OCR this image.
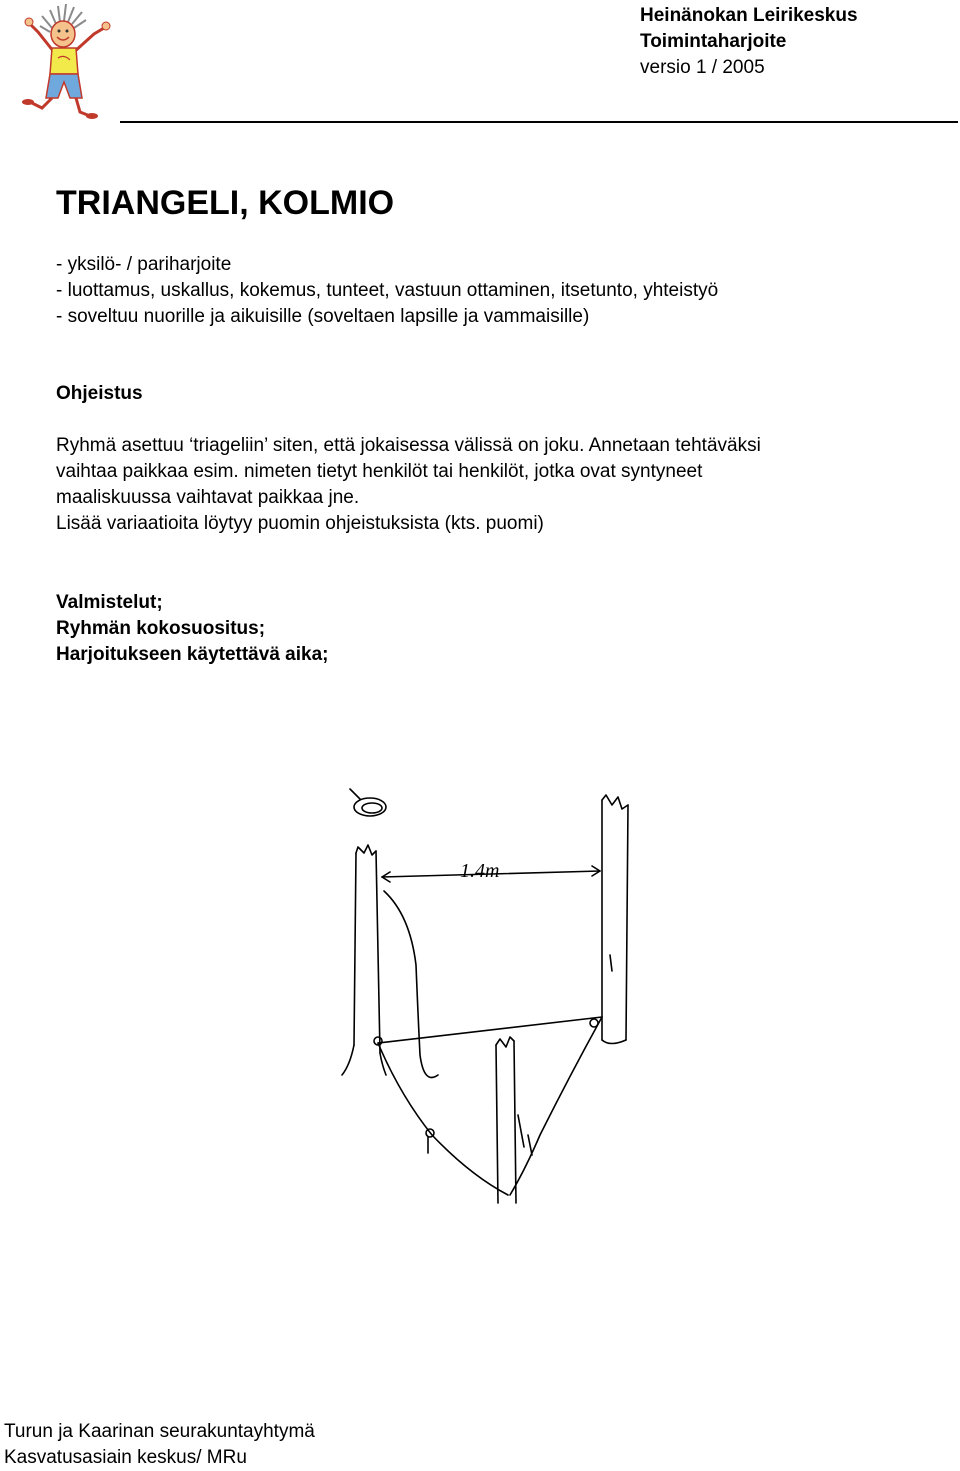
Heinänokan Leirikeskus
Toimintaharjoite
versio 1 / 2005
TRIANGELI, KOLMIO
- yksilö- / pariharjoite
- luottamus, uskallus, kokemus, tunteet, vastuun ottaminen, itsetunto, yhteistyö
- soveltuu nuorille ja aikuisille (soveltaen lapsille ja vammaisille)
Ohjeistus
Ryhmä asettuu ‘triageliin’ siten, että jokaisessa välissä on joku. Annetaan tehtäväksi
vaihtaa paikkaa esim. nimeten tietyt henkilöt tai henkilöt, jotka ovat syntyneet
maaliskuussa vaihtavat paikkaa jne.
Lisää variaatioita löytyy puomin ohjeistuksista (kts. puomi)
Valmistelut;
Ryhmän kokosuositus;
Harjoitukseen käytettävä aika;
1.4m
Turun ja Kaarinan seurakuntayhtymä
Kasvatusasiain keskus/ MRu
